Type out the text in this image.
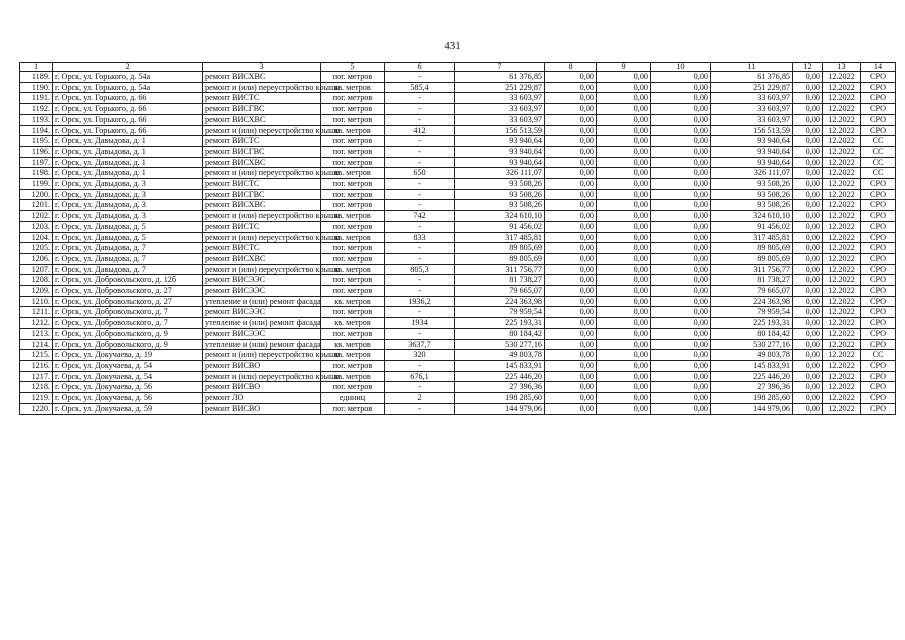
431
1	2	3	5	6	7	8	9	10	11	12	13	14
1189.	г. Орск, ул. Горького, д. 54а	ремонт ВИСХВС	пог. метров	-	61 376,85	0,00	0,00	0,00	61 376,85	0,00	12.2022	СРО
1190.	г. Орск, ул. Горького, д. 54а	ремонт и (или) переустройство крыши	кв. метров	585,4	251 229,87	0,00	0,00	0,00	251 229,87	0,00	12.2022	СРО
1191.	г. Орск, ул. Горького, д. 66	ремонт ВИСТС	пог. метров	-	33 603,97	0,00	0,00	0,00	33 603,97	0,00	12.2022	СРО
1192.	г. Орск, ул. Горького, д. 66	ремонт ВИСГВС	пог. метров	-	33 603,97	0,00	0,00	0,00	33 603,97	0,00	12.2022	СРО
1193.	г. Орск, ул. Горького, д. 66	ремонт ВИСХВС	пог. метров	-	33 603,97	0,00	0,00	0,00	33 603,97	0,00	12.2022	СРО
1194.	г. Орск, ул. Горького, д. 66	ремонт и (или) переустройство крыши	кв. метров	412	156 513,59	0,00	0,00	0,00	156 513,59	0,00	12.2022	СРО
1195.	г. Орск, ул. Давыдова, д. 1	ремонт ВИСТС	пог. метров	-	93 940,64	0,00	0,00	0,00	93 940,64	0,00	12.2022	СС
1196.	г. Орск, ул. Давыдова, д. 1	ремонт ВИСГВС	пог. метров	-	93 940,64	0,00	0,00	0,00	93 940,64	0,00	12.2022	СС
1197.	г. Орск, ул. Давыдова, д. 1	ремонт ВИСХВС	пог. метров	-	93 940,64	0,00	0,00	0,00	93 940,64	0,00	12.2022	СС
1198.	г. Орск, ул. Давыдова, д. 1	ремонт и (или) переустройство крыши	кв. метров	650	326 111,07	0,00	0,00	0,00	326 111,07	0,00	12.2022	СС
1199.	г. Орск, ул. Давыдова, д. 3	ремонт ВИСТС	пог. метров	-	93 508,26	0,00	0,00	0,00	93 508,26	0,00	12.2022	СРО
1200.	г. Орск, ул. Давыдова, д. 3	ремонт ВИСГВС	пог. метров	-	93 508,26	0,00	0,00	0,00	93 508,26	0,00	12.2022	СРО
1201.	г. Орск, ул. Давыдова, д. 3	ремонт ВИСХВС	пог. метров	-	93 508,26	0,00	0,00	0,00	93 508,26	0,00	12.2022	СРО
1202.	г. Орск, ул. Давыдова, д. 3	ремонт и (или) переустройство крыши	кв. метров	742	324 610,10	0,00	0,00	0,00	324 610,10	0,00	12.2022	СРО
1203.	г. Орск, ул. Давыдова, д. 5	ремонт ВИСТС	пог. метров	-	91 456,02	0,00	0,00	0,00	91 456,02	0,00	12.2022	СРО
1204.	г. Орск, ул. Давыдова, д. 5	ремонт и (или) переустройство крыши	кв. метров	833	317 485,81	0,00	0,00	0,00	317 485,81	0,00	12.2022	СРО
1205.	г. Орск, ул. Давыдова, д. 7	ремонт ВИСТС	пог. метров	-	89 805,69	0,00	0,00	0,00	89 805,69	0,00	12.2022	СРО
1206.	г. Орск, ул. Давыдова, д. 7	ремонт ВИСХВС	пог. метров	-	89 805,69	0,00	0,00	0,00	89 805,69	0,00	12.2022	СРО
1207.	г. Орск, ул. Давыдова, д. 7	ремонт и (или) переустройство крыши	кв. метров	805,3	311 756,77	0,00	0,00	0,00	311 756,77	0,00	12.2022	СРО
1208.	г. Орск, ул. Добровольского, д. 12б	ремонт ВИСЭЭС	пог. метров	-	81 738,27	0,00	0,00	0,00	81 738,27	0,00	12.2022	СРО
1209.	г. Орск, ул. Добровольского, д. 27	ремонт ВИСЭЭС	пог. метров	-	79 665,07	0,00	0,00	0,00	79 665,07	0,00	12.2022	СРО
1210.	г. Орск, ул. Добровольского, д. 27	утепление и (или) ремонт фасада	кв. метров	1936,2	224 363,98	0,00	0,00	0,00	224 363,98	0,00	12.2022	СРО
1211.	г. Орск, ул. Добровольского, д. 7	ремонт ВИСЭЭС	пог. метров	-	79 959,54	0,00	0,00	0,00	79 959,54	0,00	12.2022	СРО
1212.	г. Орск, ул. Добровольского, д. 7	утепление и (или) ремонт фасада	кв. метров	1934	225 193,31	0,00	0,00	0,00	225 193,31	0,00	12.2022	СРО
1213.	г. Орск, ул. Добровольского, д. 9	ремонт ВИСЭЭС	пог. метров	-	80 184,42	0,00	0,00	0,00	80 184,42	0,00	12.2022	СРО
1214.	г. Орск, ул. Добровольского, д. 9	утепление и (или) ремонт фасада	кв. метров	3637,7	530 277,16	0,00	0,00	0,00	530 277,16	0,00	12.2022	СРО
1215.	г. Орск, ул. Докучаева, д. 19	ремонт и (или) переустройство крыши	кв. метров	320	49 803,78	0,00	0,00	0,00	49 803,78	0,00	12.2022	СС
1216.	г. Орск, ул. Докучаева, д. 54	ремонт ВИСВО	пог. метров	-	145 833,91	0,00	0,00	0,00	145 833,91	0,00	12.2022	СРО
1217.	г. Орск, ул. Докучаева, д. 54	ремонт и (или) переустройство крыши	кв. метров	676,1	225 446,20	0,00	0,00	0,00	225 446,20	0,00	12.2022	СРО
1218.	г. Орск, ул. Докучаева, д. 56	ремонт ВИСВО	пог. метров	-	27 396,36	0,00	0,00	0,00	27 396,36	0,00	12.2022	СРО
1219.	г. Орск, ул. Докучаева, д. 56	ремонт ЛО	единиц	2	198 285,60	0,00	0,00	0,00	198 285,60	0,00	12.2022	СРО
1220.	г. Орск, ул. Докучаева, д. 59	ремонт ВИСВО	пог. метров	-	144 979,06	0,00	0,00	0,00	144 979,06	0,00	12.2022	СРО
